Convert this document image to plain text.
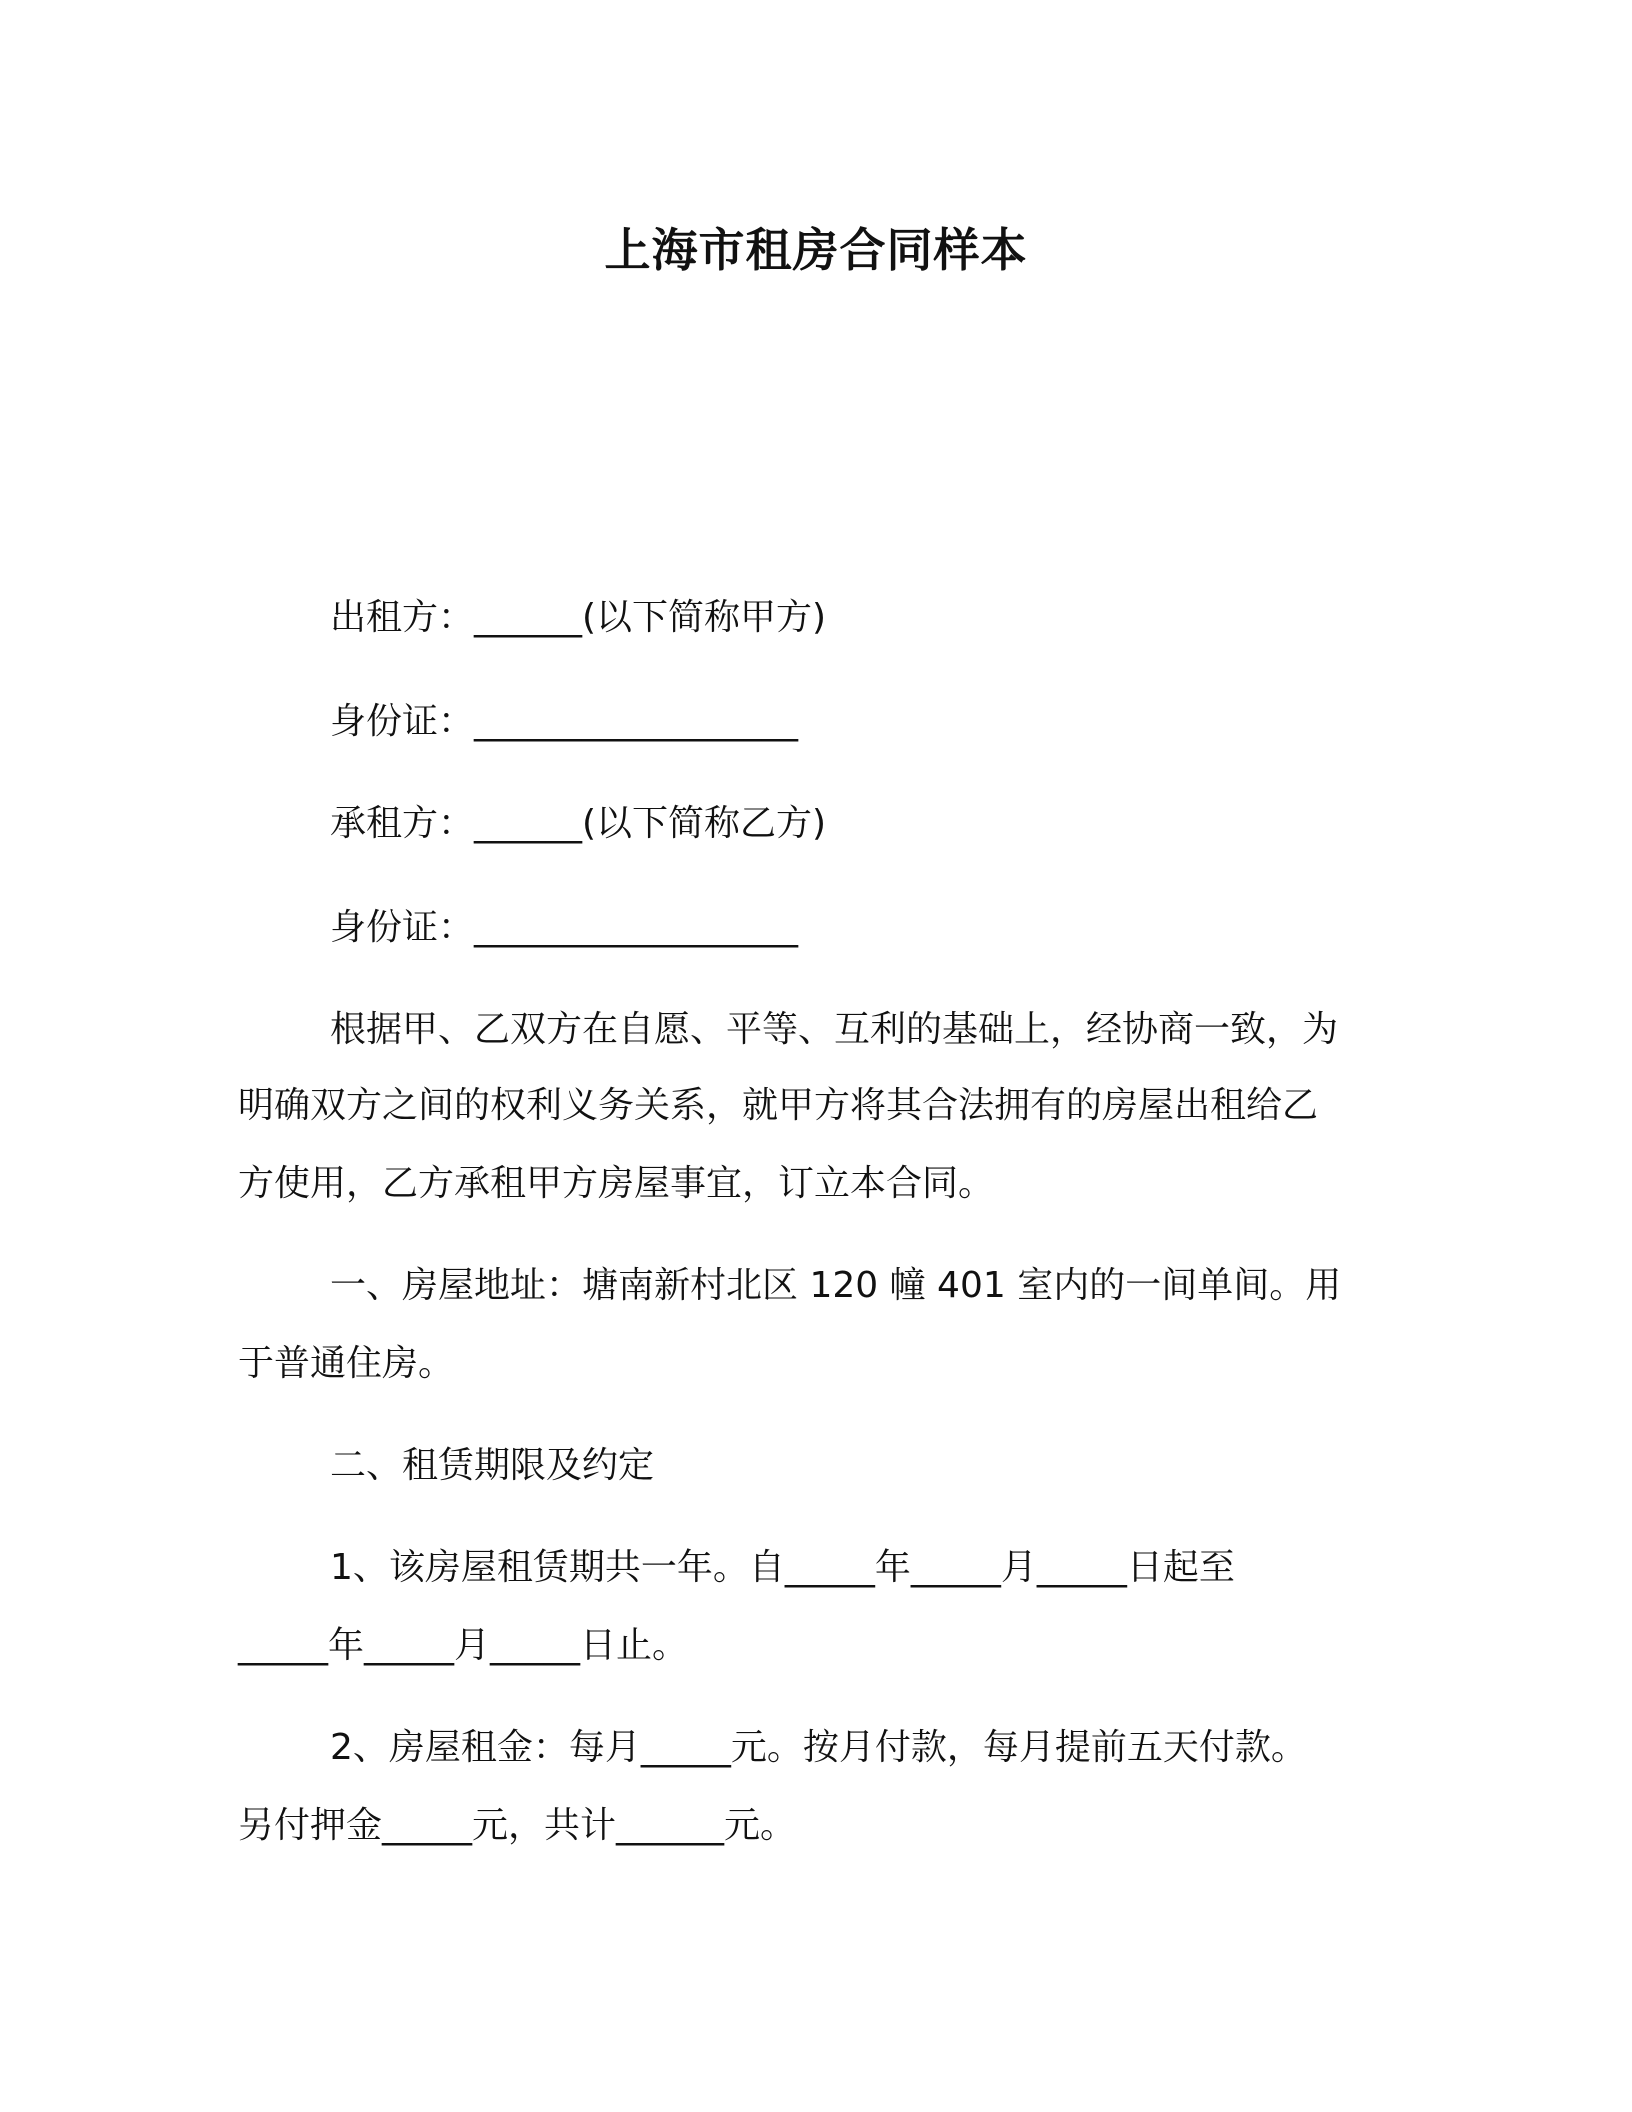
上海市租房合同样本
出租方：______(以下简称甲方)
身份证：__________________
承租方：______(以下简称乙方)
身份证：__________________
根据甲、乙双方在自愿、平等、互利的基础上，经协商一致，为
明确双方之间的权利义务关系，就甲方将其合法拥有的房屋出租给乙
方使用，乙方承租甲方房屋事宜，订立本合同。
一、房屋地址：塘南新村北区 120 幢 401 室内的一间单间。用
于普通住房。
二、租赁期限及约定
1、该房屋租赁期共一年。自_____年_____月_____日起至
_____年_____月_____日止。
2、房屋租金：每月_____元。按月付款，每月提前五天付款。
另付押金_____元，共计______元。
